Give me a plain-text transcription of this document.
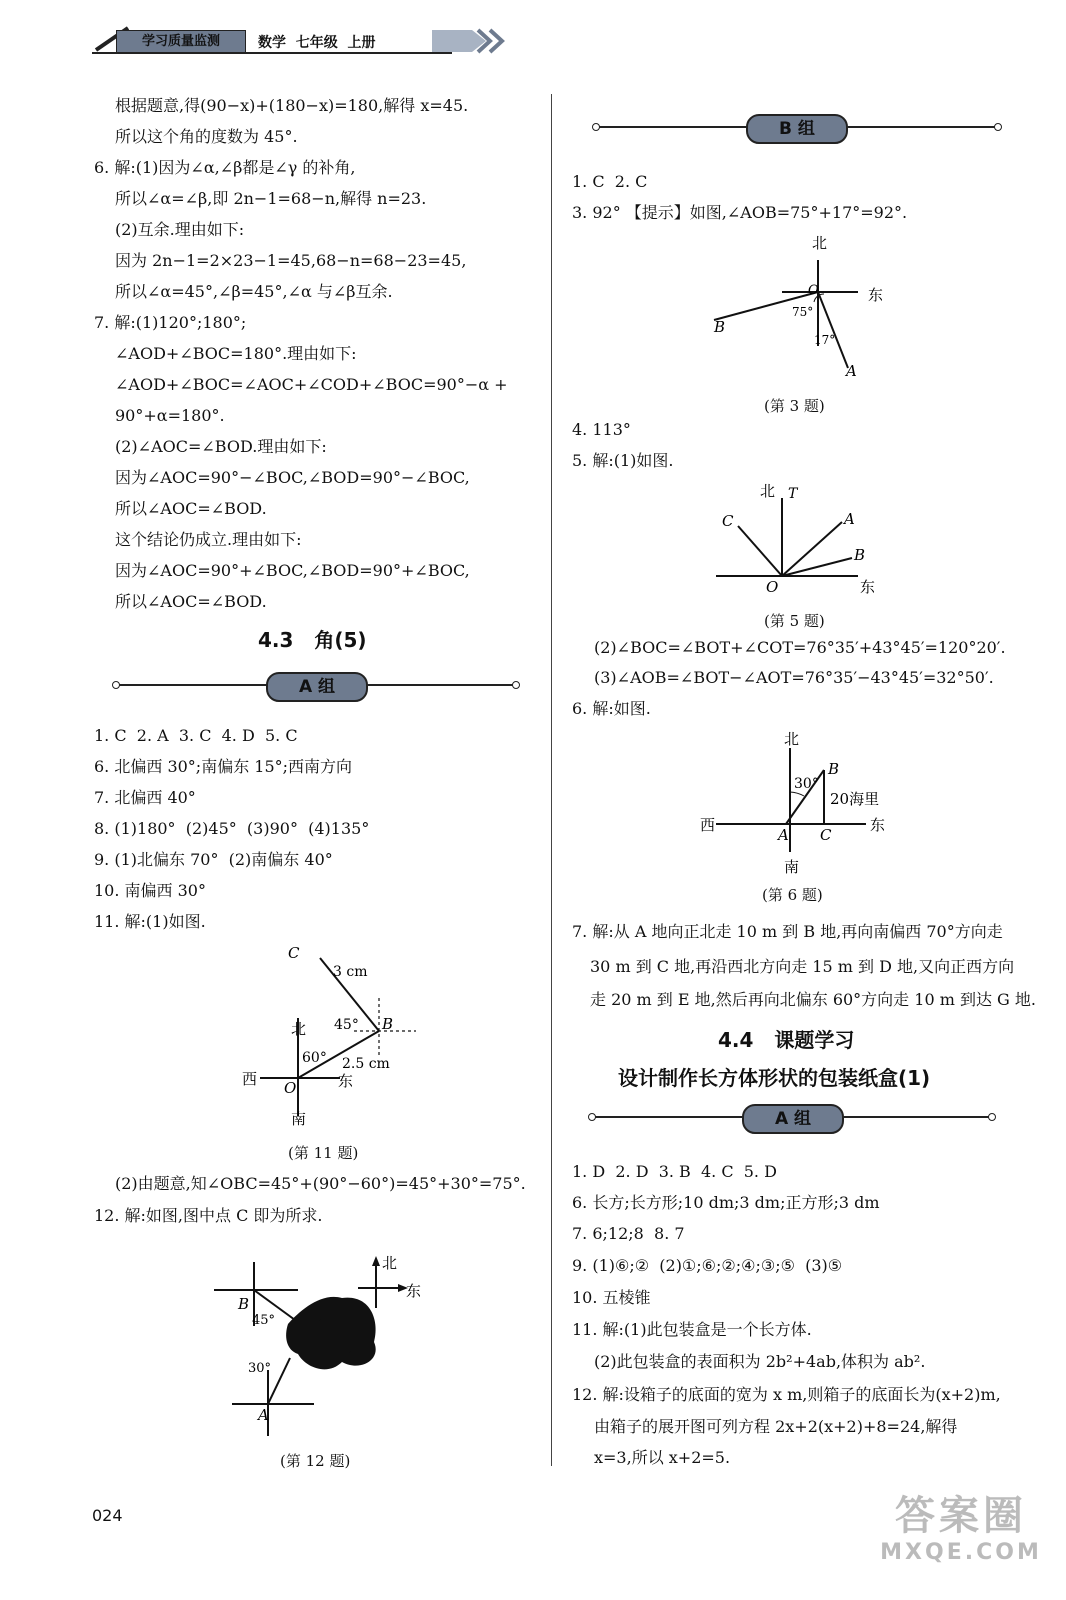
学习质量监测	数学  七年级  上册
根据题意,得(90−x)+(180−x)=180,解得 x=45.
所以这个角的度数为 45°.
6. 解:(1)因为∠α,∠β都是∠γ 的补角,
所以∠α=∠β,即 2n−1=68−n,解得 n=23.
(2)互余.理由如下:
因为 2n−1=2×23−1=45,68−n=68−23=45,
所以∠α=45°,∠β=45°,∠α 与∠β互余.
7. 解:(1)120°;180°;
∠AOD+∠BOC=180°.理由如下:
∠AOD+∠BOC=∠AOC+∠COD+∠BOC=90°−α +
90°+α=180°.
(2)∠AOC=∠BOD.理由如下:
因为∠AOC=90°−∠BOC,∠BOD=90°−∠BOC,
所以∠AOC=∠BOD.
这个结论仍成立.理由如下:
因为∠AOC=90°+∠BOC,∠BOD=90°+∠BOC,
所以∠AOC=∠BOD.
4.3   角(5)
A 组
1. C  2. A  3. C  4. D  5. C
6. 北偏西 30°;南偏东 15°;西南方向
7. 北偏西 40°
8. (1)180°  (2)45°  (3)90°  (4)135°
9. (1)北偏东 70°  (2)南偏东 40°
10. 南偏西 30°
11. 解:(1)如图.
C
3 cm
45° B
北
60° 2.5 cm
西 O	东
南
(第 11 题)
(2)由题意,知∠OBC=45°+(90°−60°)=45°+30°=75°.
12. 解:如图,图中点 C 即为所求.
B
45°
30°
A
北
东
(第 12 题)
B 组
1. C  2. C
3. 92° 【提示】如图,∠AOB=75°+17°=92°.
北
东
O
75°
17°
B
A
(第 3 题)
4. 113°
5. 解:(1)如图.
北 T
C	A
B
O	东
(第 5 题)
(2)∠BOC=∠BOT+∠COT=76°35′+43°45′=120°20′.
(3)∠AOB=∠BOT−∠AOT=76°35′−43°45′=32°50′.
6. 解:如图.
北
30°
B
20海里
西
A C
东
南
(第 6 题)
7. 解:从 A 地向正北走 10 m 到 B 地,再向南偏西 70°方向走
30 m 到 C 地,再沿西北方向走 15 m 到 D 地,又向正西方向
走 20 m 到 E 地,然后再向北偏东 60°方向走 10 m 到达 G 地.
4.4   课题学习
设计制作长方体形状的包装纸盒(1)
A 组
1. D  2. D  3. B  4. C  5. D
6. 长方;长方形;10 dm;3 dm;正方形;3 dm
7. 6;12;8  8. 7
9. (1)⑥;②  (2)①;⑥;②;④;③;⑤  (3)⑤
10. 五棱锥
11. 解:(1)此包装盒是一个长方体.
(2)此包装盒的表面积为 2b²+4ab,体积为 ab².
12. 解:设箱子的底面的宽为 x m,则箱子的底面长为(x+2)m,
由箱子的展开图可列方程 2x+2(x+2)+8=24,解得
x=3,所以 x+2=5.
024	答案圈
MXQE.COM
